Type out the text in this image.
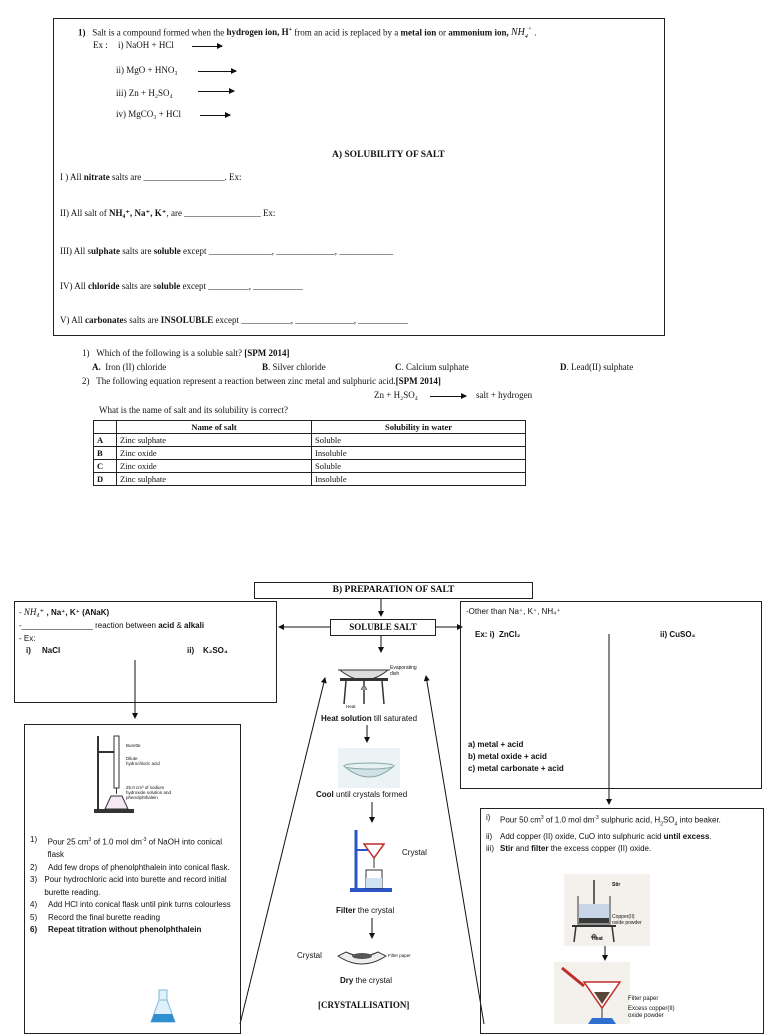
1) Salt is a compound formed when the hydrogen ion, H+ from an acid is replaced by a metal ion or ammonium ion, $NH_4^+$ .
Ex : i) NaOH + HCl →
ii) MgO + HNO₃ →
iii) Zn + H₂SO₄
iv) MgCO₃ + HCl →
A) SOLUBILITY OF SALT
I ) All nitrate salts are __________________. Ex:
II) All salt of NH₄⁺, Na⁺, K⁺, are _________________ Ex:
III) All sulphate salts are soluble except ______________, _____________, ____________
IV) All chloride salts are soluble except _________, ___________
V) All carbonates salts are INSOLUBLE except ___________, _____________, ___________
1) Which of the following is a soluble salt? [SPM 2014]
A. Iron (II) chloride	B. Silver chloride	C. Calcium sulphate	D. Lead(II) sulphate
2) The following equation represent a reaction between zinc metal and sulphuric acid.[SPM 2014]
Zn + H₂SO₄	salt + hydrogen
What is the name of salt and its solubility is correct?
	Name of salt	Solubility in water
A	Zinc sulphate	Soluble
B	Zinc oxide	Insoluble
C	Zinc oxide	Soluble
D	Zinc sulphate	Insoluble
B) PREPARATION OF SALT
SOLUBLE SALT
- NH₄⁺ , Na⁺, K⁺ (ANaK)
-________________ reaction between acid & alkali
- Ex:
i) NaCl	ii) K₂SO₄
-Other than Na⁺, K⁺, NH₄⁺
Ex: i) ZnCl₂	ii) CuSO₄
a) metal + acid
b) metal oxide + acid
c) metal carbonate + acid
Burette
Dilute hydrochloric acid
25.0 cm³ of sodium hydroxide solution and phenolphthalein
1)	Pour 25 $cm^3$ of 1.0 mol $dm^{-3}$ of NaOH into conical flask
2)	Add few drops of phenolphthalein into conical flask.
3) Pour hydrochloric acid into burette and record initial burette reading.
4)	Add HCl into conical flask until pink turns colourless
5)	Record the final burette reading
6)	Repeat titration without phenolphthalein
Evaporating dish
Heat
Heat solution till saturated
Cool until crystals formed
Crystal
Filter the crystal
Crystal	Filter paper
Dry the crystal
[CRYSTALLISATION]
i)	Pour 50 $cm^3$ of 1.0 mol $dm^{-3}$ sulphuric acid, $H_2SO_4$ into beaker.
ii) Add copper (II) oxide, CuO into sulphuric acid until excess.
iii) Stir and filter the excess copper (II) oxide.
Stir
Copper(II) oxide powder
Heat
Filter paper
Excess copper(II) oxide powder
